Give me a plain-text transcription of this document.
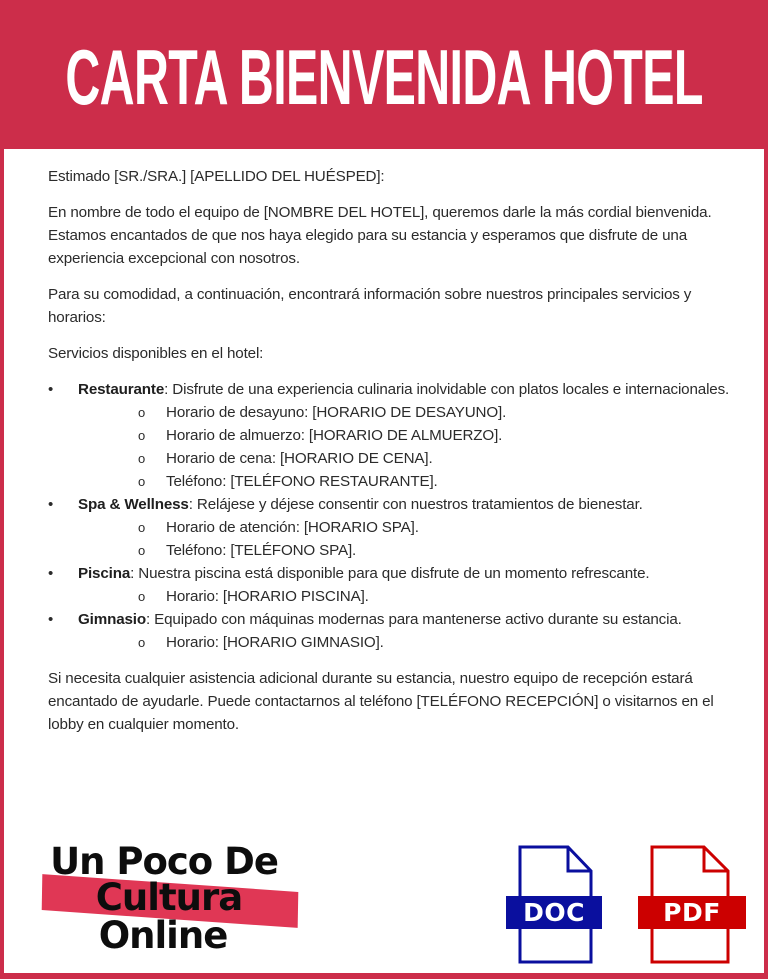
CARTA BIENVENIDA HOTEL

Estimado [SR./SRA.] [APELLIDO DEL HUÉSPED]:

En nombre de todo el equipo de [NOMBRE DEL HOTEL], queremos darle la más cordial bienvenida. Estamos encantados de que nos haya elegido para su estancia y esperamos que disfrute de una experiencia excepcional con nosotros.

Para su comodidad, a continuación, encontrará información sobre nuestros principales servicios y horarios:

Servicios disponibles en el hotel:

•	Restaurante: Disfrute de una experiencia culinaria inolvidable con platos locales e internacionales.
o Horario de desayuno: [HORARIO DE DESAYUNO].
o Horario de almuerzo: [HORARIO DE ALMUERZO].
o Horario de cena: [HORARIO DE CENA].
o Teléfono: [TELÉFONO RESTAURANTE].
•	Spa & Wellness: Relájese y déjese consentir con nuestros tratamientos de bienestar.
o Horario de atención: [HORARIO SPA].
o Teléfono: [TELÉFONO SPA].
•	Piscina: Nuestra piscina está disponible para que disfrute de un momento refrescante.
o Horario: [HORARIO PISCINA].
•	Gimnasio: Equipado con máquinas modernas para mantenerse activo durante su estancia.
o Horario: [HORARIO GIMNASIO].

Si necesita cualquier asistencia adicional durante su estancia, nuestro equipo de recepción estará encantado de ayudarle. Puede contactarnos al teléfono [TELÉFONO RECEPCIÓN] o visitarnos en el lobby en cualquier momento.

Un Poco De
Cultura
Online
DOC	PDF
